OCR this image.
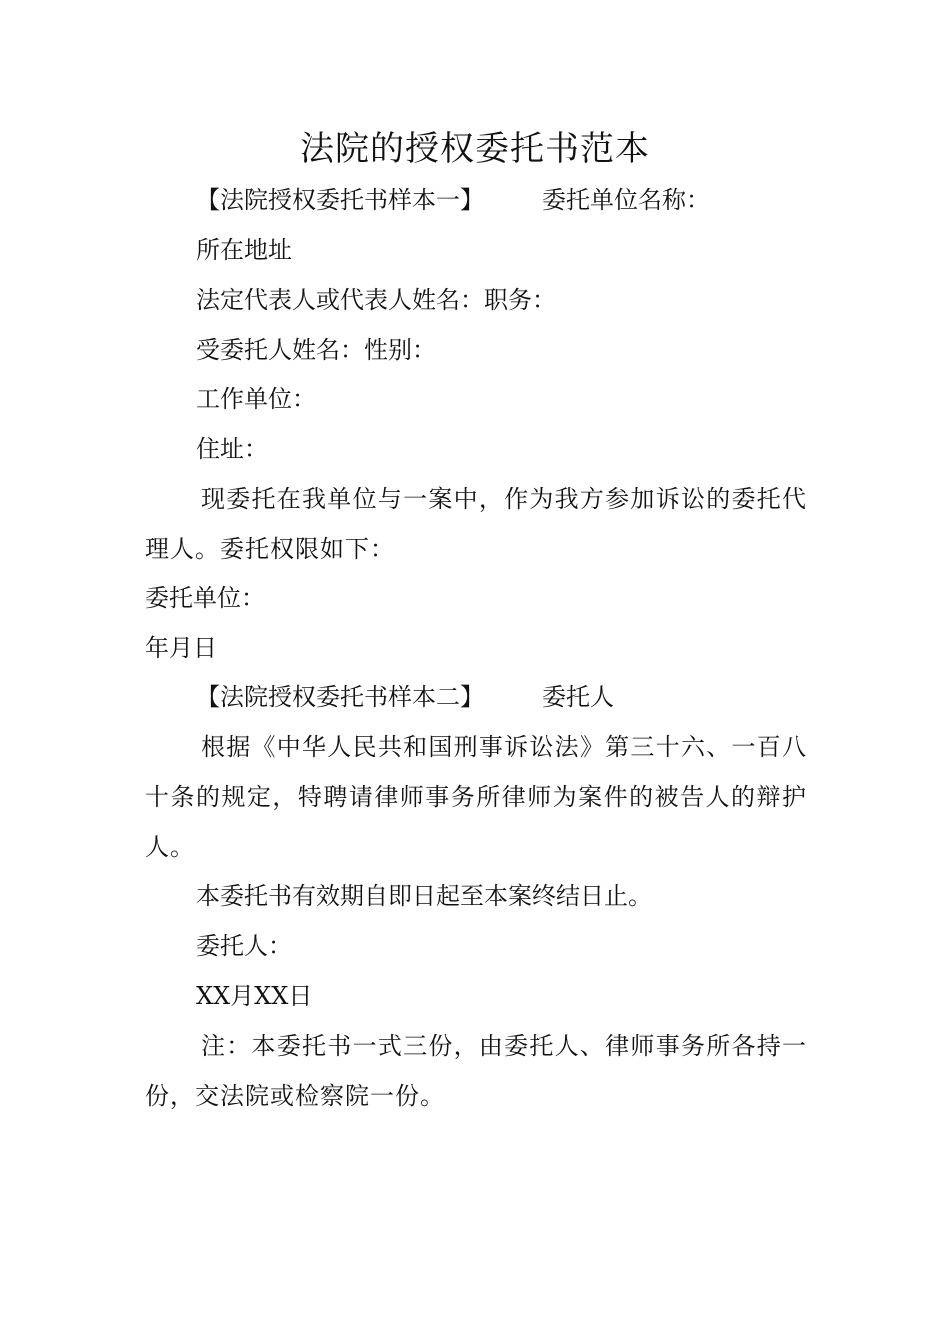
法院的授权委托书范本
【法院授权委托书样本一】 委托单位名称：
所在地址
法定代表人或代表人姓名：职务：
受委托人姓名：性别：
工作单位：
住址：

现委托在我单位与一案中，作为我方参加诉讼的委托代理人。委托权限如下：

委托单位：
年月日
【法院授权委托书样本二】 委托人

根据《中华人民共和国刑事诉讼法》第三十六、一百八十条的规定，特聘请律师事务所律师为案件的被告人的辩护人。

本委托书有效期自即日起至本案终结日止。
委托人：
XX月XX日

注：本委托书一式三份，由委托人、律师事务所各持一份，交法院或检察院一份。
